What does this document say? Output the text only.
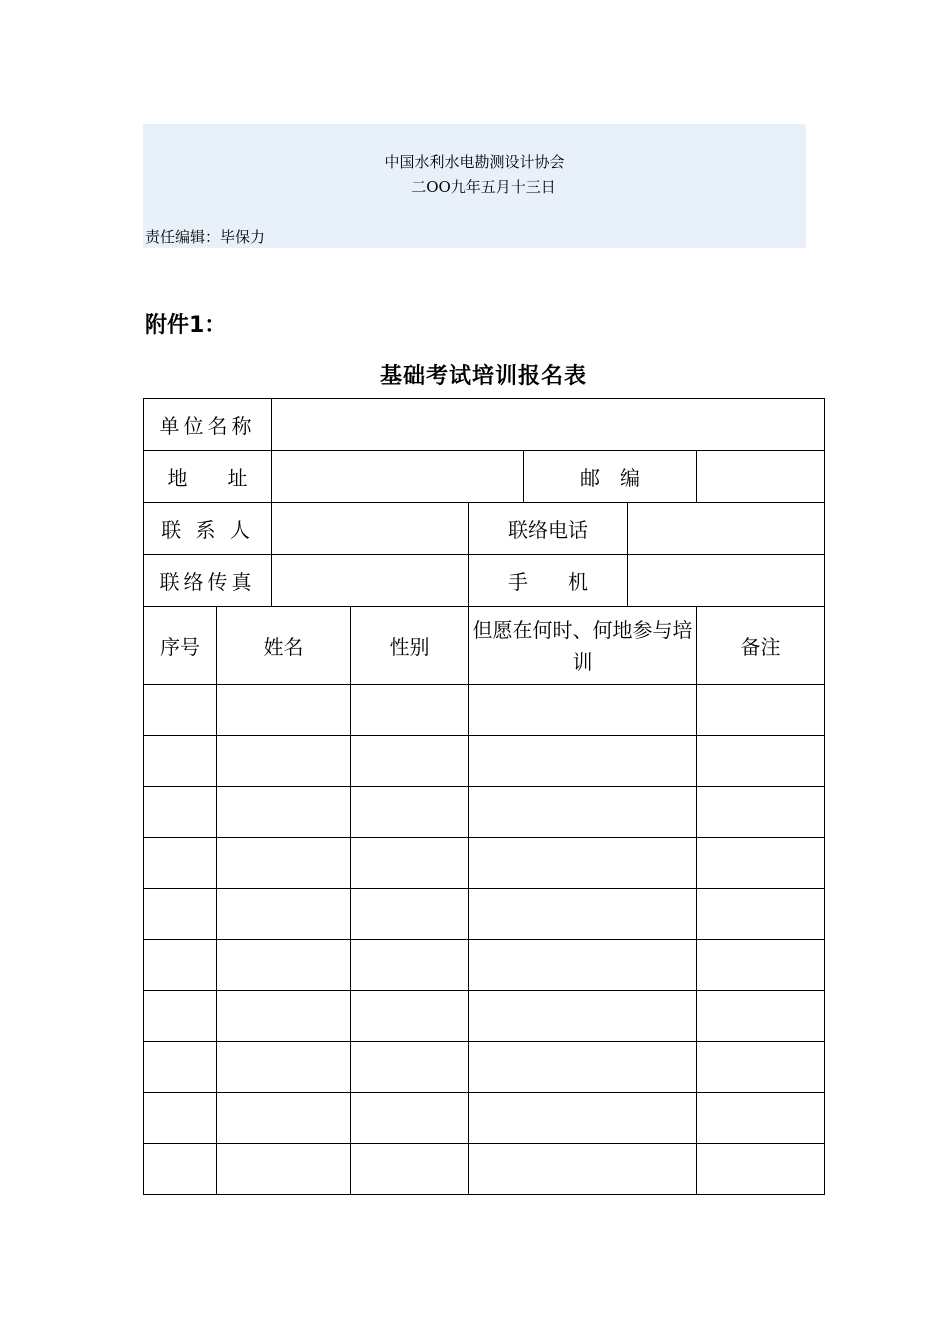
中国水利水电勘测设计协会
二OO九年五月十三日
责任编辑：毕保力
附件1：
基础考试培训报名表
单位名称							
地　　址					邮　编		
联 系 人				联络电话			
联络传真				手　　机			
序号	姓名		性别	但愿在何时、何地参与培训			备注
